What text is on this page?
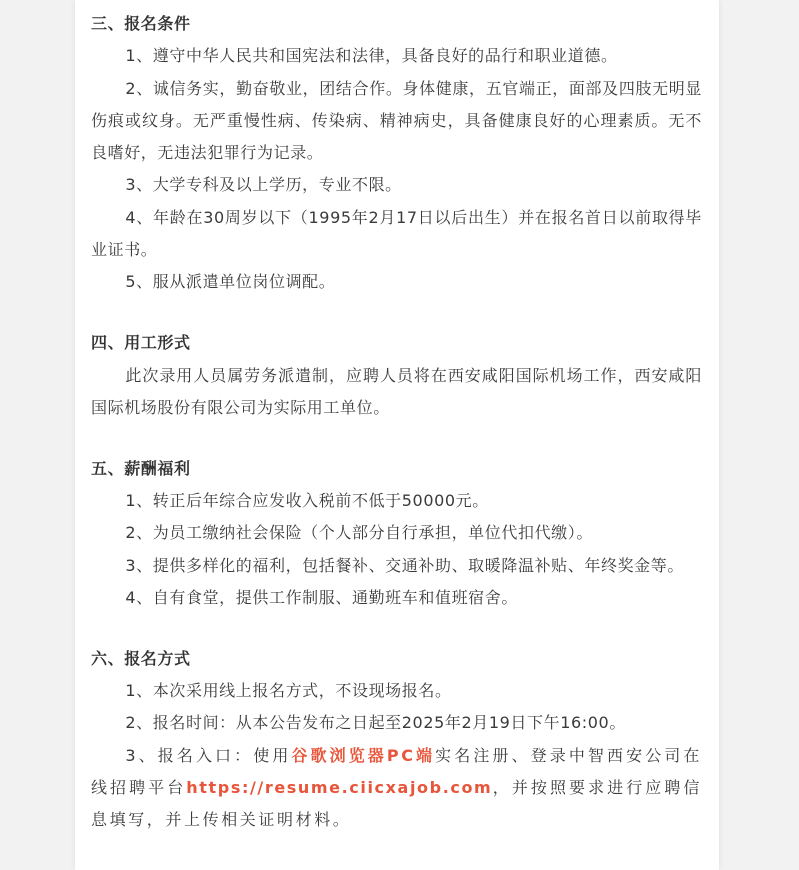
三、报名条件

1、遵守中华人民共和国宪法和法律，具备良好的品行和职业道德。

2、诚信务实，勤奋敬业，团结合作。身体健康，五官端正，面部及四肢无明显伤痕或纹身。无严重慢性病、传染病、精神病史，具备健康良好的心理素质。无不良嗜好，无违法犯罪行为记录。

3、大学专科及以上学历，专业不限。

4、年龄在30周岁以下（1995年2月17日以后出生）并在报名首日以前取得毕业证书。

5、服从派遣单位岗位调配。

四、用工形式

此次录用人员属劳务派遣制，应聘人员将在西安咸阳国际机场工作，西安咸阳国际机场股份有限公司为实际用工单位。

五、薪酬福利

1、转正后年综合应发收入税前不低于50000元。

2、为员工缴纳社会保险（个人部分自行承担，单位代扣代缴）。

3、提供多样化的福利，包括餐补、交通补助、取暖降温补贴、年终奖金等。

4、自有食堂，提供工作制服、通勤班车和值班宿舍。

六、报名方式

1、本次采用线上报名方式，不设现场报名。

2、报名时间：从本公告发布之日起至2025年2月19日下午16:00。

3、报名入口：使用谷歌浏览器PC端实名注册、登录中智西安公司在线招聘平台https://resume.ciicxajob.com，并按照要求进行应聘信息填写，并上传相关证明材料。
